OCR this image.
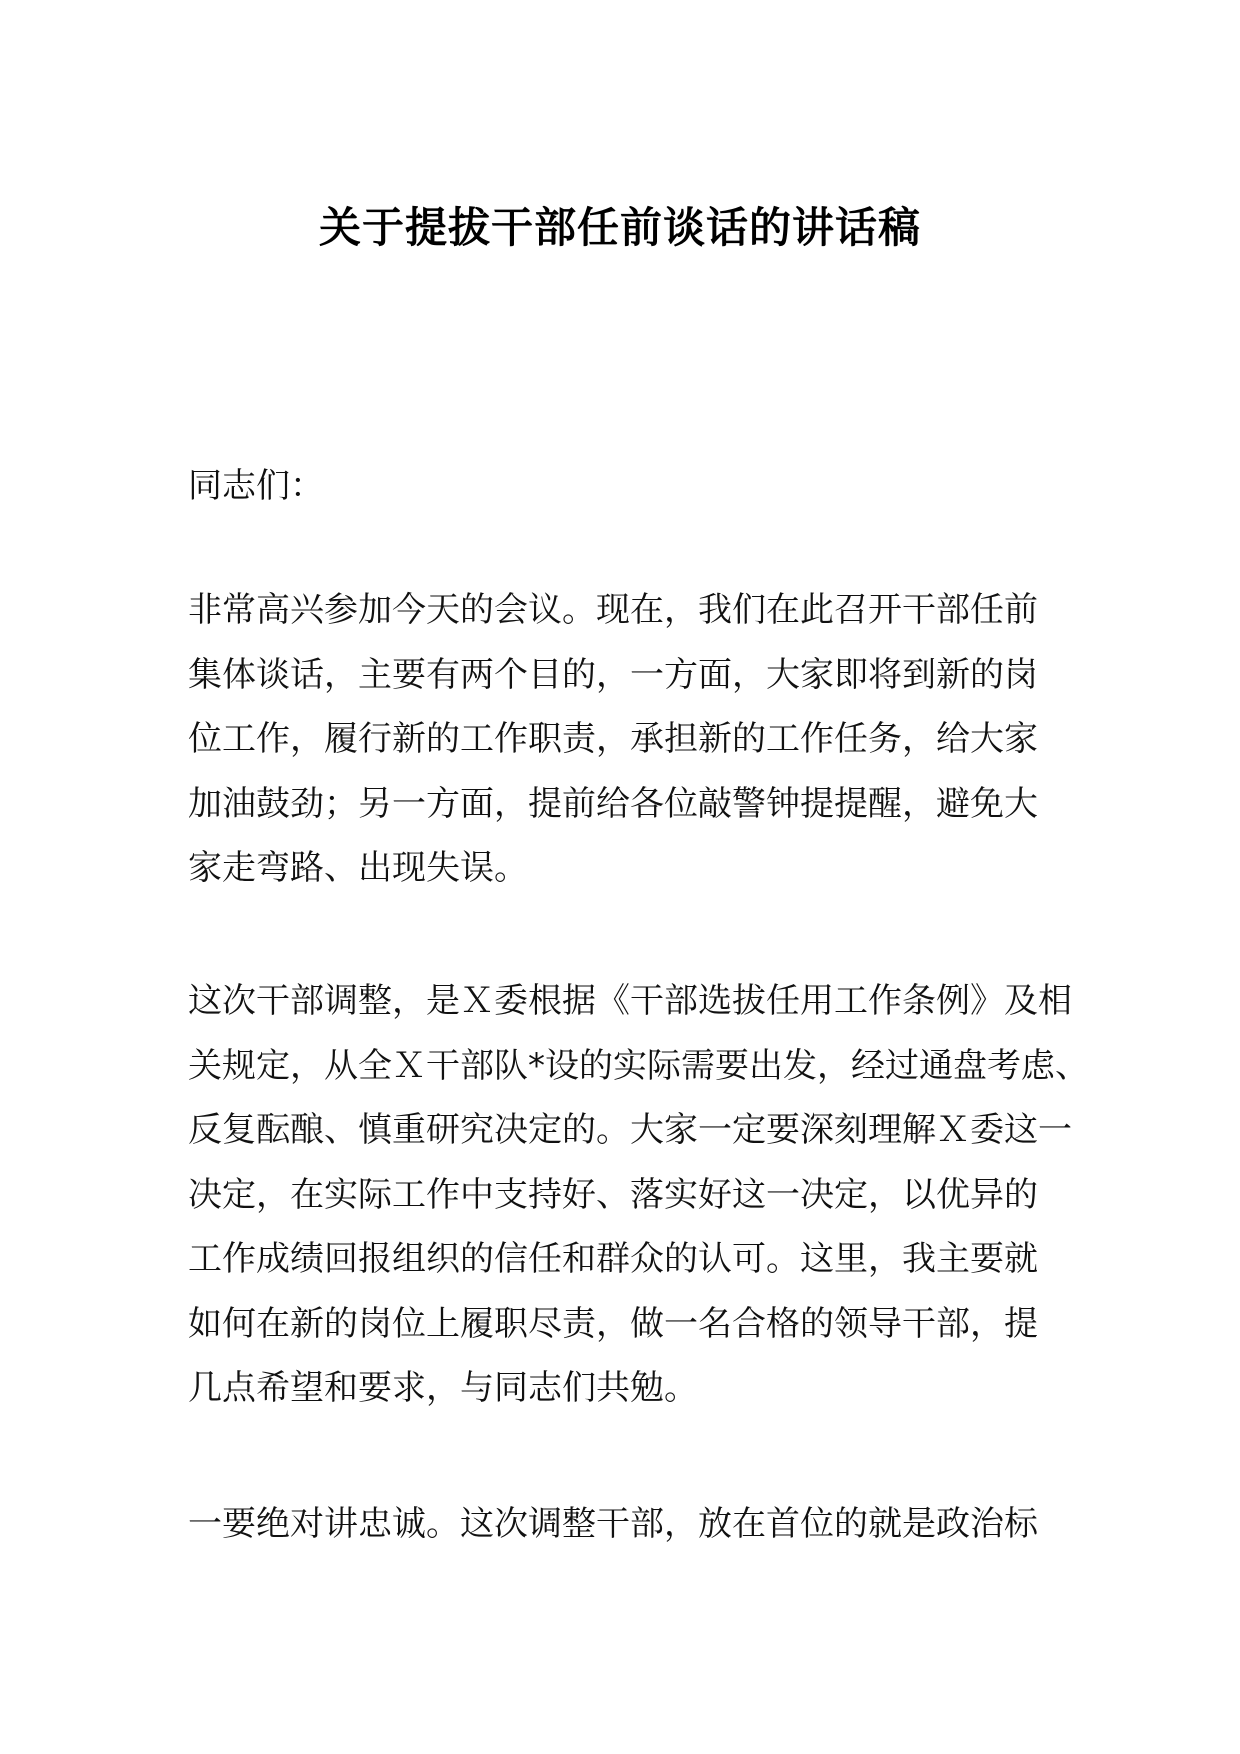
关于提拔干部任前谈话的讲话稿

同志们：

非常高兴参加今天的会议。现在，我们在此召开干部任前
集体谈话，主要有两个目的，一方面，大家即将到新的岗
位工作，履行新的工作职责，承担新的工作任务，给大家
加油鼓劲；另一方面，提前给各位敲警钟提提醒，避免大
家走弯路、出现失误。

这次干部调整，是Ｘ委根据《干部选拔任用工作条例》及相
关规定，从全Ｘ干部队*设的实际需要出发，经过通盘考虑、
反复酝酿、慎重研究决定的。大家一定要深刻理解Ｘ委这一
决定，在实际工作中支持好、落实好这一决定，以优异的
工作成绩回报组织的信任和群众的认可。这里，我主要就
如何在新的岗位上履职尽责，做一名合格的领导干部，提
几点希望和要求，与同志们共勉。

一要绝对讲忠诚。这次调整干部，放在首位的就是政治标
